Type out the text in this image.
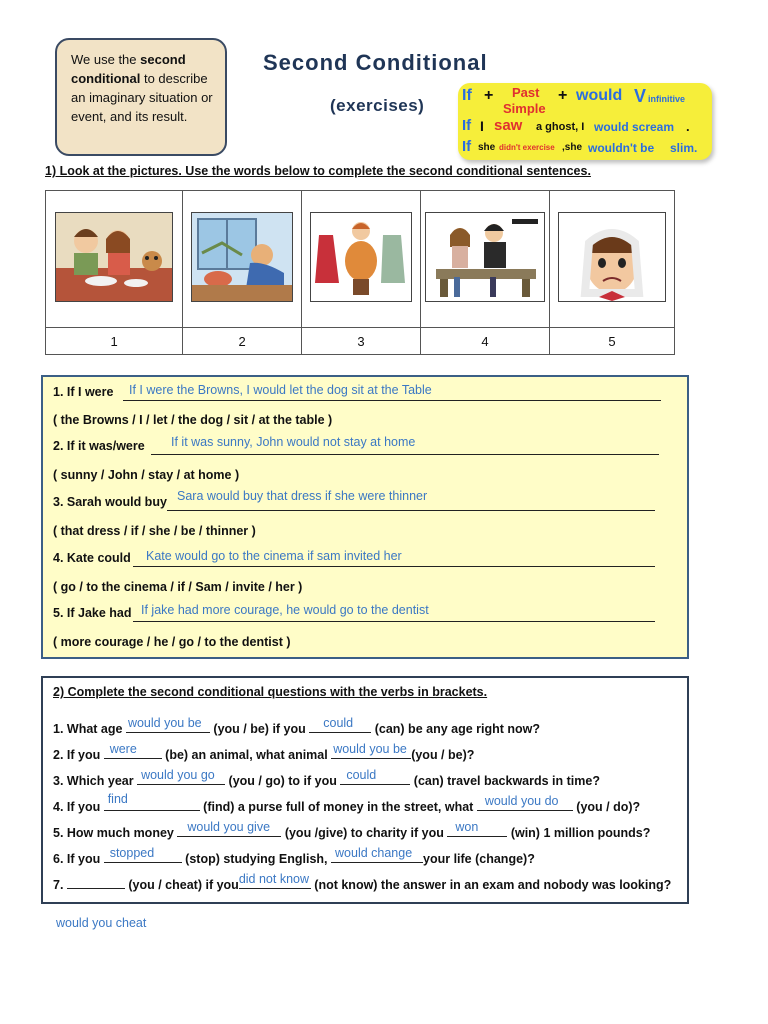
We use the second conditional to describe an imaginary situation or event, and its result.
Second Conditional
(exercises)
If + Past
Simple
+ would V infinitive
If I saw a ghost, I would scream .
If she didn't exercise ,she wouldn't be slim.
1) Look at the pictures. Use the words below to complete the second conditional sentences.

1	2	3	4	5
1. If I were If I were the Browns, I would let the dog sit at the Table
( the Browns / I / let / the dog / sit / at the table )
2. If it was/were If it was sunny, John would not stay at home
( sunny / John / stay / at home )
3. Sarah would buy Sara would buy that dress if she were thinner
( that dress / if / she / be / thinner )
4. Kate could Kate would go to the cinema if sam invited her
( go / to the cinema / if / Sam / invite / her )
5. If Jake had If jake had more courage, he would go to the dentist
( more courage / he / go / to the dentist )
2) Complete the second conditional questions with the verbs in brackets.
1. What age would you be (you / be) if you could (can) be any age right now?
2. If you were (be) an animal, what animal would you be (you / be)?
3. Which year would you go (you / go) to if you could	(can) travel backwards in time?
4. If you
find
(find) a purse full of money in the street, what would you do (you / do)?
5. How much money would you give (you /give) to charity if you won (win) 1 million pounds?
6. If you stopped (stop) studying English, would change your life (change)?
7.	(you / cheat) if you did not know (not know) the answer in an exam and nobody was looking?
would you cheat
